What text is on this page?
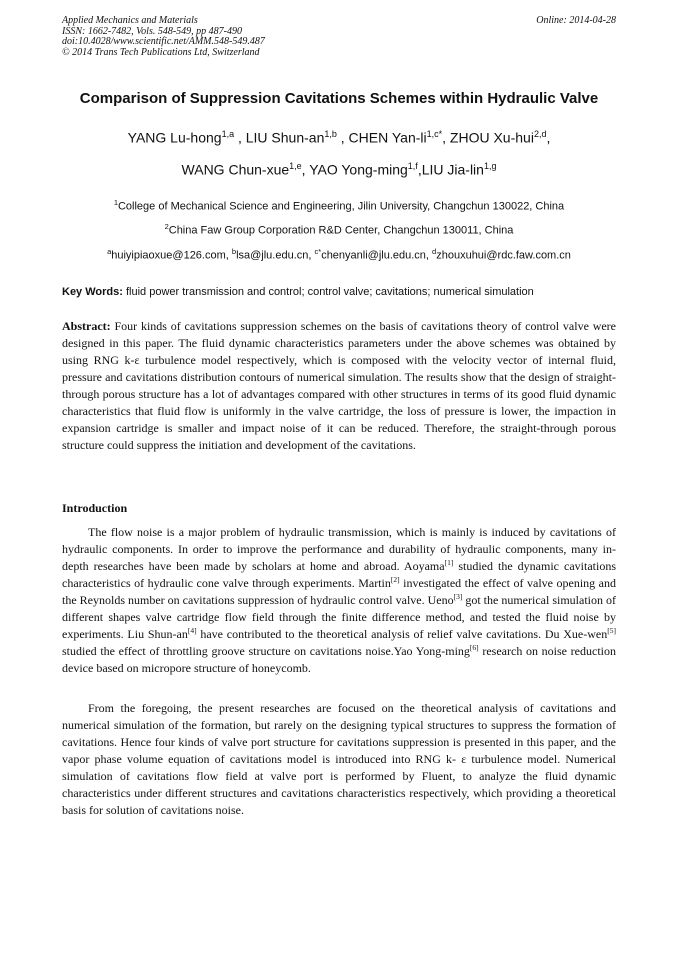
Applied Mechanics and Materials
ISSN: 1662-7482, Vols. 548-549, pp 487-490
doi:10.4028/www.scientific.net/AMM.548-549.487
© 2014 Trans Tech Publications Ltd, Switzerland
Online: 2014-04-28
Comparison of Suppression Cavitations Schemes within Hydraulic Valve
YANG Lu-hong$^{1,a}$ , LIU Shun-an$^{1,b}$ , CHEN Yan-$li^{1,c*}$, ZHOU Xu-hui$^{2,d}$,
WANG Chun-xue$^{1,e}$, YAO Yong-ming$^{1,f}$,LIU Jia-lin$^{1,g}$
$^1$College of Mechanical Science and Engineering, Jilin University, Changchun 130022, China
$^2$China Faw Group Corporation R&D Center, Changchun 130011, China
$^a$huiyipiaoxue@126.com, $^b$lsa@jlu.edu.cn, $^{c*}$chenyanli@jlu.edu.cn, $^d$zhouxuhui@rdc.faw.com.cn
Key Words: fluid power transmission and control; control valve; cavitations; numerical simulation

Abstract: Four kinds of cavitations suppression schemes on the basis of cavitations theory of control valve were designed in this paper. The fluid dynamic characteristics parameters under the above schemes was obtained by using RNG k-ε turbulence model respectively, which is composed with the velocity vector of internal fluid, pressure and cavitations distribution contours of numerical simulation. The results show that the design of straight-through porous structure has a lot of advantages compared with other structures in terms of its good fluid dynamic characteristics that fluid flow is uniformly in the valve cartridge, the loss of pressure is lower, the impaction in expansion cartridge is smaller and impact noise of it can be reduced. Therefore, the straight-through porous structure could suppress the initiation and development of the cavitations.

Introduction

The flow noise is a major problem of hydraulic transmission, which is mainly is induced by cavitations of hydraulic components. In order to improve the performance and durability of hydraulic components, many in-depth researches have been made by scholars at home and abroad. Aoyama[1] studied the dynamic cavitations characteristics of hydraulic cone valve through experiments. Martin[2] investigated the effect of valve opening and the Reynolds number on cavitations suppression of hydraulic control valve. Ueno[3] got the numerical simulation of different shapes valve cartridge flow field through the finite difference method, and tested the fluid noise by experiments. Liu Shun-an[4] have contributed to the theoretical analysis of relief valve cavitations. Du Xue-wen[5] studied the effect of throttling groove structure on cavitations noise.Yao Yong-ming[6] research on noise reduction device based on micropore structure of honeycomb.

From the foregoing, the present researches are focused on the theoretical analysis of cavitations and numerical simulation of the formation, but rarely on the designing typical structures to suppress the formation of cavitations. Hence four kinds of valve port structure for cavitations suppression is presented in this paper, and the vapor phase volume equation of cavitations model is introduced into RNG k- ε turbulence model. Numerical simulation of cavitations flow field at valve port is performed by Fluent, to analyze the fluid dynamic characteristics under different structures and cavitations characteristics respectively, which providing a theoretical basis for solution of cavitations noise.
